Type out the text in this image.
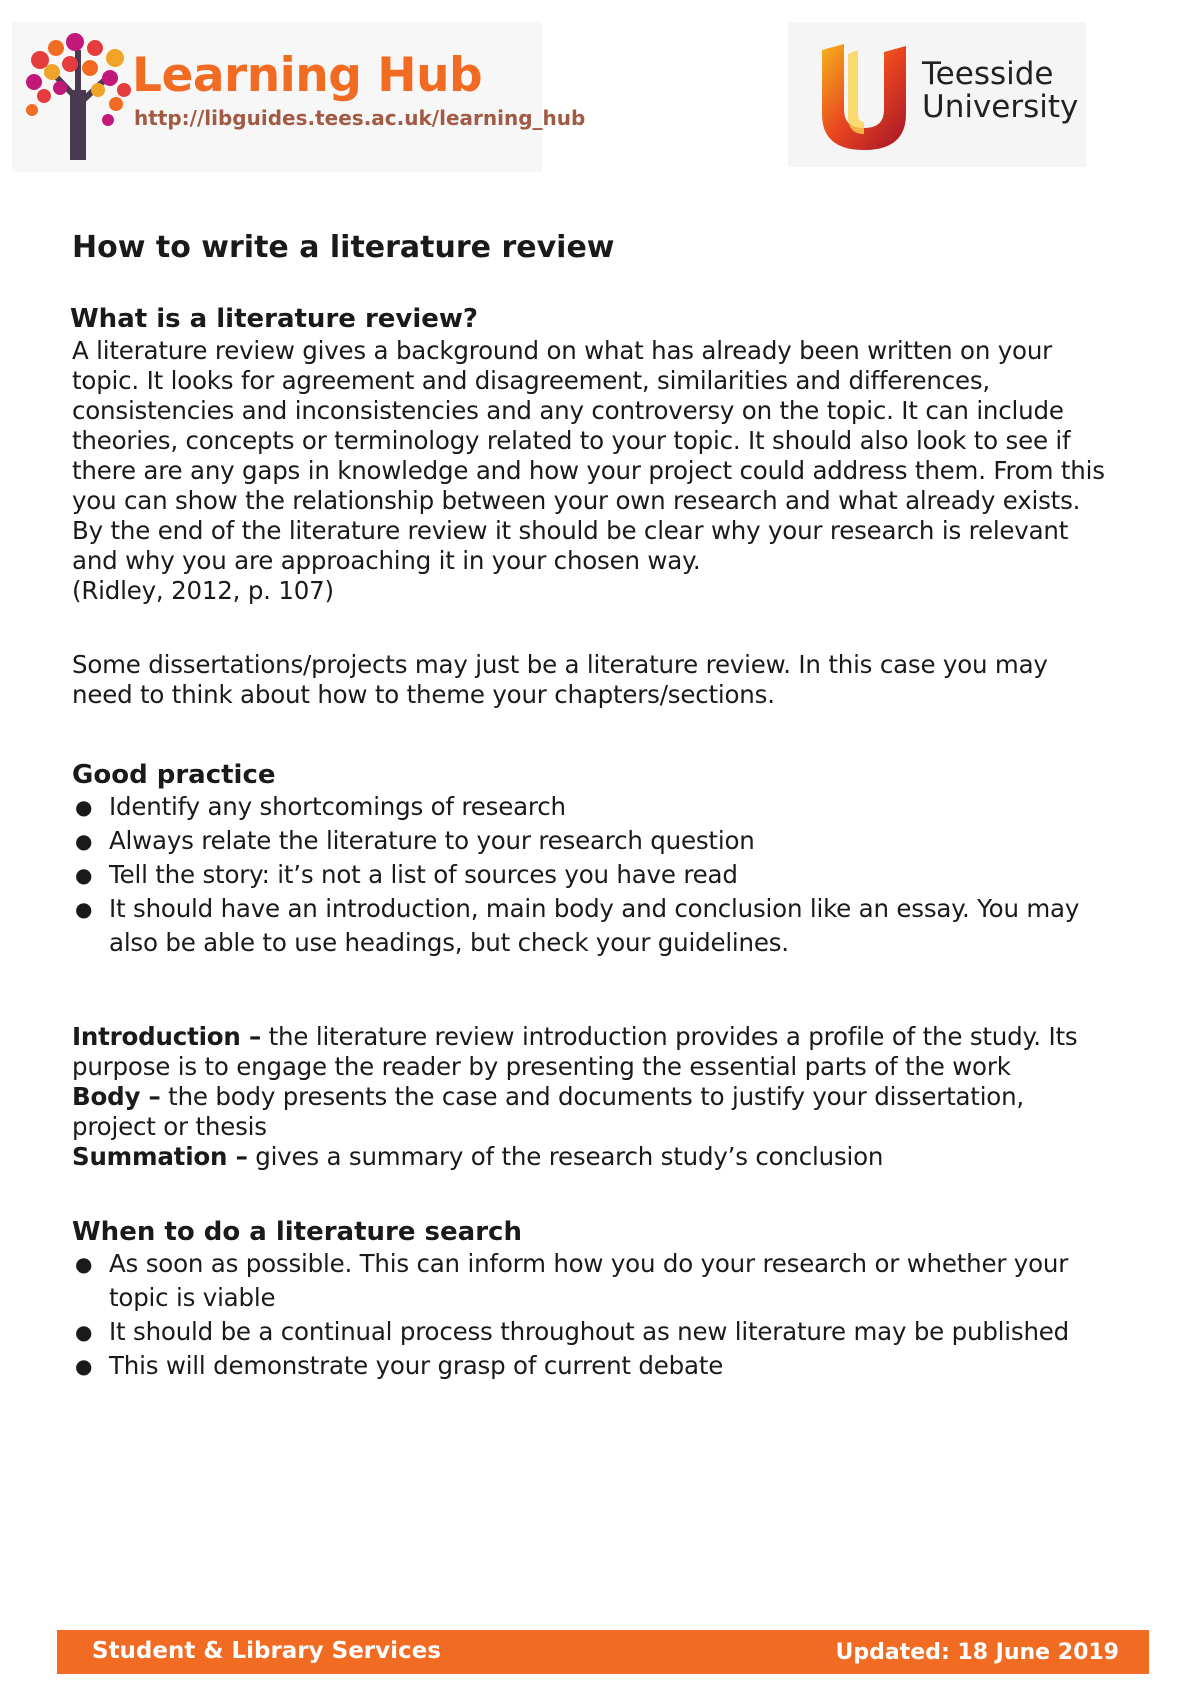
Learning Hub
http://libguides.tees.ac.uk/learning_hub
Teesside
University
How to write a literature review
What is a literature review?

A literature review gives a background on what has already been written on your topic. It looks for agreement and disagreement, similarities and differences, consistencies and inconsistencies and any controversy on the topic. It can include theories, concepts or terminology related to your topic. It should also look to see if there are any gaps in knowledge and how your project could address them. From this you can show the relationship between your own research and what already exists. By the end of the literature review it should be clear why your research is relevant and why you are approaching it in your chosen way.
(Ridley, 2012, p. 107)

Some dissertations/projects may just be a literature review. In this case you may need to think about how to theme your chapters/sections.

Good practice
● Identify any shortcomings of research
● Always relate the literature to your research question
● Tell the story: it’s not a list of sources you have read
● It should have an introduction, main body and conclusion like an essay. You may also be able to use headings, but check your guidelines.

Introduction – the literature review introduction provides a profile of the study. Its purpose is to engage the reader by presenting the essential parts of the work
Body – the body presents the case and documents to justify your dissertation, project or thesis
Summation – gives a summary of the research study’s conclusion

When to do a literature search
● As soon as possible. This can inform how you do your research or whether your topic is viable
● It should be a continual process throughout as new literature may be published
● This will demonstrate your grasp of current debate
Student & Library Services	Updated: 18 June 2019
